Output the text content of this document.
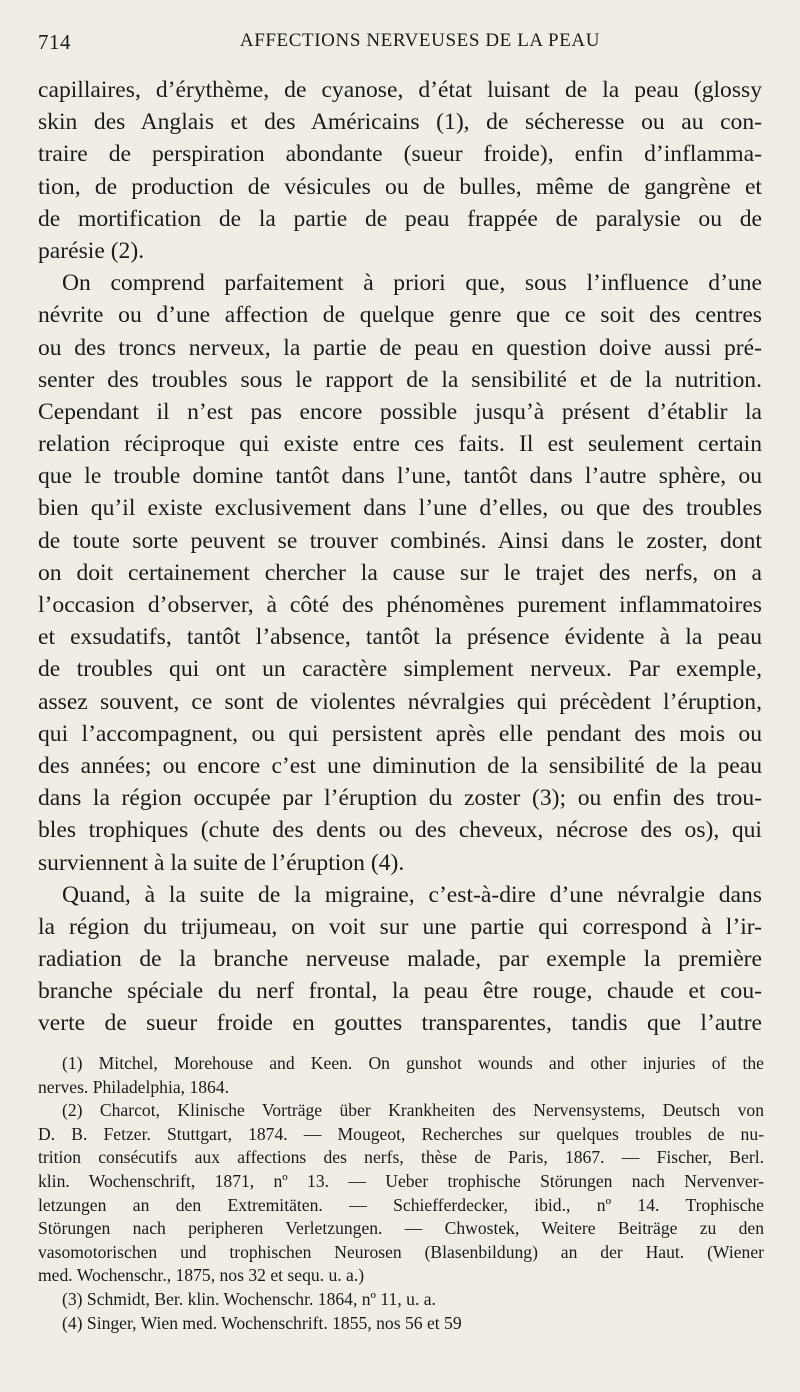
714	AFFECTIONS NERVEUSES DE LA PEAU
capillaires, d’érythème, de cyanose, d’état luisant de la peau (glossy
skin des Anglais et des Américains (1), de sécheresse ou au con-
traire de perspiration abondante (sueur froide), enfin d’inflamma-
tion, de production de vésicules ou de bulles, même de gangrène et
de mortification de la partie de peau frappée de paralysie ou de
parésie (2).
On comprend parfaitement à priori que, sous l’influence d’une
névrite ou d’une affection de quelque genre que ce soit des centres
ou des troncs nerveux, la partie de peau en question doive aussi pré-
senter des troubles sous le rapport de la sensibilité et de la nutrition.
Cependant il n’est pas encore possible jusqu’à présent d’établir la
relation réciproque qui existe entre ces faits. Il est seulement certain
que le trouble domine tantôt dans l’une, tantôt dans l’autre sphère, ou
bien qu’il existe exclusivement dans l’une d’elles, ou que des troubles
de toute sorte peuvent se trouver combinés. Ainsi dans le zoster, dont
on doit certainement chercher la cause sur le trajet des nerfs, on a
l’occasion d’observer, à côté des phénomènes purement inflammatoires
et exsudatifs, tantôt l’absence, tantôt la présence évidente à la peau
de troubles qui ont un caractère simplement nerveux. Par exemple,
assez souvent, ce sont de violentes névralgies qui précèdent l’éruption,
qui l’accompagnent, ou qui persistent après elle pendant des mois ou
des années; ou encore c’est une diminution de la sensibilité de la peau
dans la région occupée par l’éruption du zoster (3); ou enfin des trou-
bles trophiques (chute des dents ou des cheveux, nécrose des os), qui
surviennent à la suite de l’éruption (4).
Quand, à la suite de la migraine, c’est-à-dire d’une névralgie dans
la région du trijumeau, on voit sur une partie qui correspond à l’ir-
radiation de la branche nerveuse malade, par exemple la première
branche spéciale du nerf frontal, la peau être rouge, chaude et cou-
verte de sueur froide en gouttes transparentes, tandis que l’autre
(1) Mitchel, Morehouse and Keen. On gunshot wounds and other injuries of the
nerves. Philadelphia, 1864.
(2) Charcot, Klinische Vorträge über Krankheiten des Nervensystems, Deutsch von
D. B. Fetzer. Stuttgart, 1874. — Mougeot, Recherches sur quelques troubles de nu-
trition consécutifs aux affections des nerfs, thèse de Paris, 1867. — Fischer, Berl.
klin. Wochenschrift, 1871, nº 13. — Ueber trophische Störungen nach Nervenver-
letzungen an den Extremitäten. — Schiefferdecker, ibid., nº 14. Trophische
Störungen nach peripheren Verletzungen. — Chwostek, Weitere Beiträge zu den
vasomotorischen und trophischen Neurosen (Blasenbildung) an der Haut. (Wiener
med. Wochenschr., 1875, nos 32 et sequ. u. a.)
(3) Schmidt, Ber. klin. Wochenschr. 1864, nº 11, u. a.
(4) Singer, Wien med. Wochenschrift. 1855, nos 56 et 59
